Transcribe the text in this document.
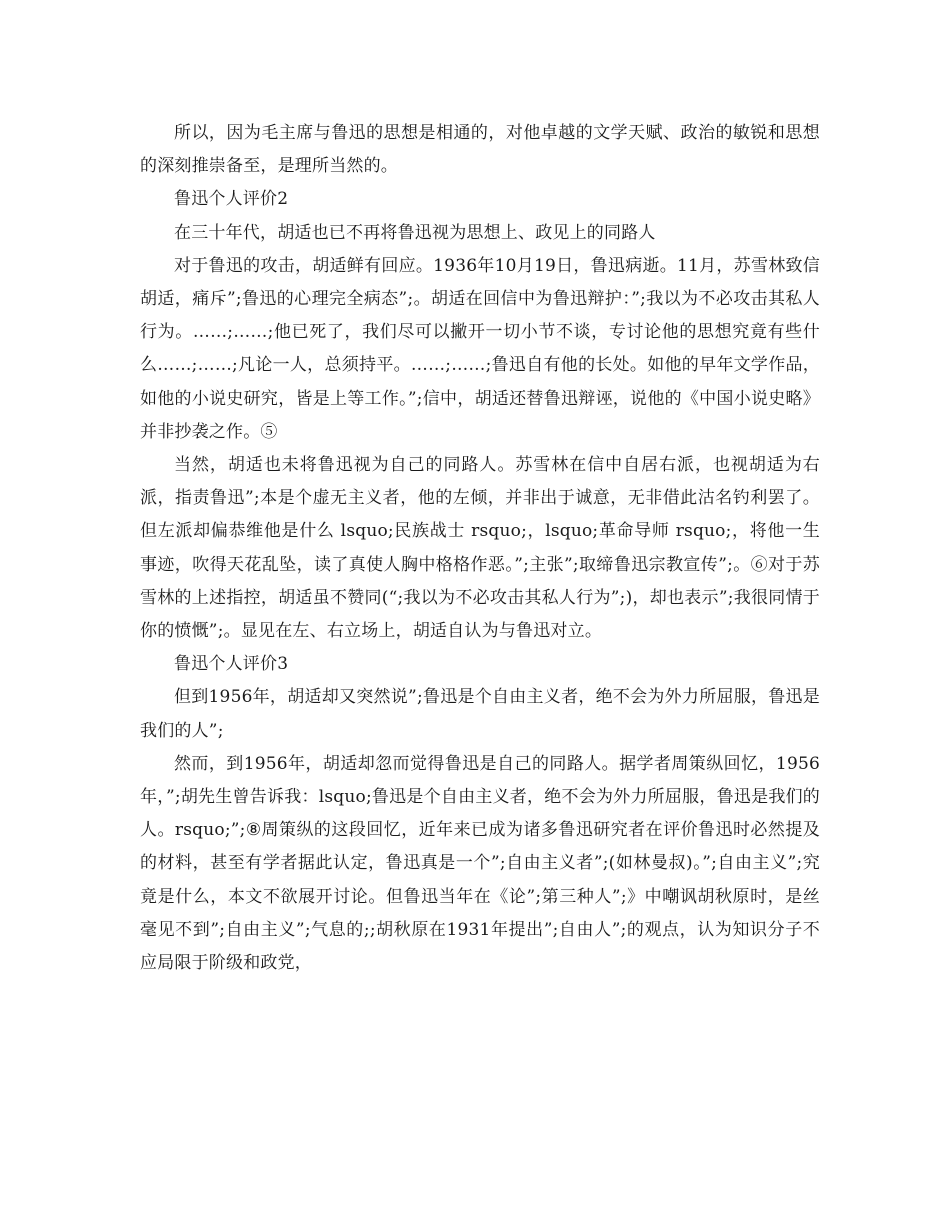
所以，因为毛主席与鲁迅的思想是相通的，对他卓越的文学天赋、政治的敏锐和思想的深刻推崇备至，是理所当然的。

鲁迅个人评价2

在三十年代，胡适也已不再将鲁迅视为思想上、政见上的同路人

对于鲁迅的攻击，胡适鲜有回应。1936年10月19日，鲁迅病逝。11月，苏雪林致信胡适，痛斥”;鲁迅的心理完全病态”;。胡适在回信中为鲁迅辩护：”;我以为不必攻击其私人行为。……;……;他已死了，我们尽可以撇开一切小节不谈，专讨论他的思想究竟有些什么……;……;凡论一人，总须持平。……;……;鲁迅自有他的长处。如他的早年文学作品，如他的小说史研究，皆是上等工作。”;信中，胡适还替鲁迅辩诬，说他的《中国小说史略》并非抄袭之作。⑤

当然，胡适也未将鲁迅视为自己的同路人。苏雪林在信中自居右派，也视胡适为右派，指责鲁迅”;本是个虚无主义者，他的左倾，并非出于诚意，无非借此沽名钓利罢了。但左派却偏恭维他是什么 lsquo;民族战士 rsquo;，lsquo;革命导师 rsquo;，将他一生事迹，吹得天花乱坠，读了真使人胸中格格作恶。”;主张”;取缔鲁迅宗教宣传”;。⑥对于苏雪林的上述指控，胡适虽不赞同(“;我以为不必攻击其私人行为”;)，却也表示”;我很同情于你的愤慨”;。显见在左、右立场上，胡适自认为与鲁迅对立。

鲁迅个人评价3

但到1956年，胡适却又突然说”;鲁迅是个自由主义者，绝不会为外力所屈服，鲁迅是我们的人”;

然而，到1956年，胡适却忽而觉得鲁迅是自己的同路人。据学者周策纵回忆，1956年，”;胡先生曾告诉我：lsquo;鲁迅是个自由主义者，绝不会为外力所屈服，鲁迅是我们的人。rsquo;”;⑧周策纵的这段回忆，近年来已成为诸多鲁迅研究者在评价鲁迅时必然提及的材料，甚至有学者据此认定，鲁迅真是一个”;自由主义者”;(如林曼叔)。”;自由主义”;究竟是什么，本文不欲展开讨论。但鲁迅当年在《论”;第三种人”;》中嘲讽胡秋原时，是丝毫见不到”;自由主义”;气息的;;胡秋原在1931年提出”;自由人”;的观点，认为知识分子不应局限于阶级和政党，
